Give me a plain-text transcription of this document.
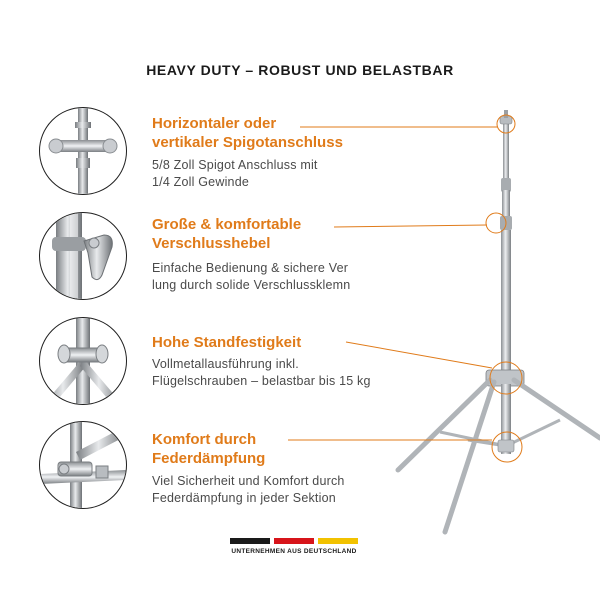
HEAVY DUTY – ROBUST UND BELASTBAR
Horizontaler oder
vertikaler Spigotanschluss

5/8 Zoll Spigot Anschluss mit
1/4 Zoll Gewinde

Große & komfortable
Verschlusshebel

Einfache Bedienung & sichere Ver
lung durch solide Verschlussklemn

Hohe Standfestigkeit

Vollmetallausführung inkl.
Flügelschrauben – belastbar bis 15 kg

Komfort durch
Federdämpfung

Viel Sicherheit und Komfort durch
Federdämpfung in jeder Sektion

UNTERNEHMEN AUS DEUTSCHLAND
